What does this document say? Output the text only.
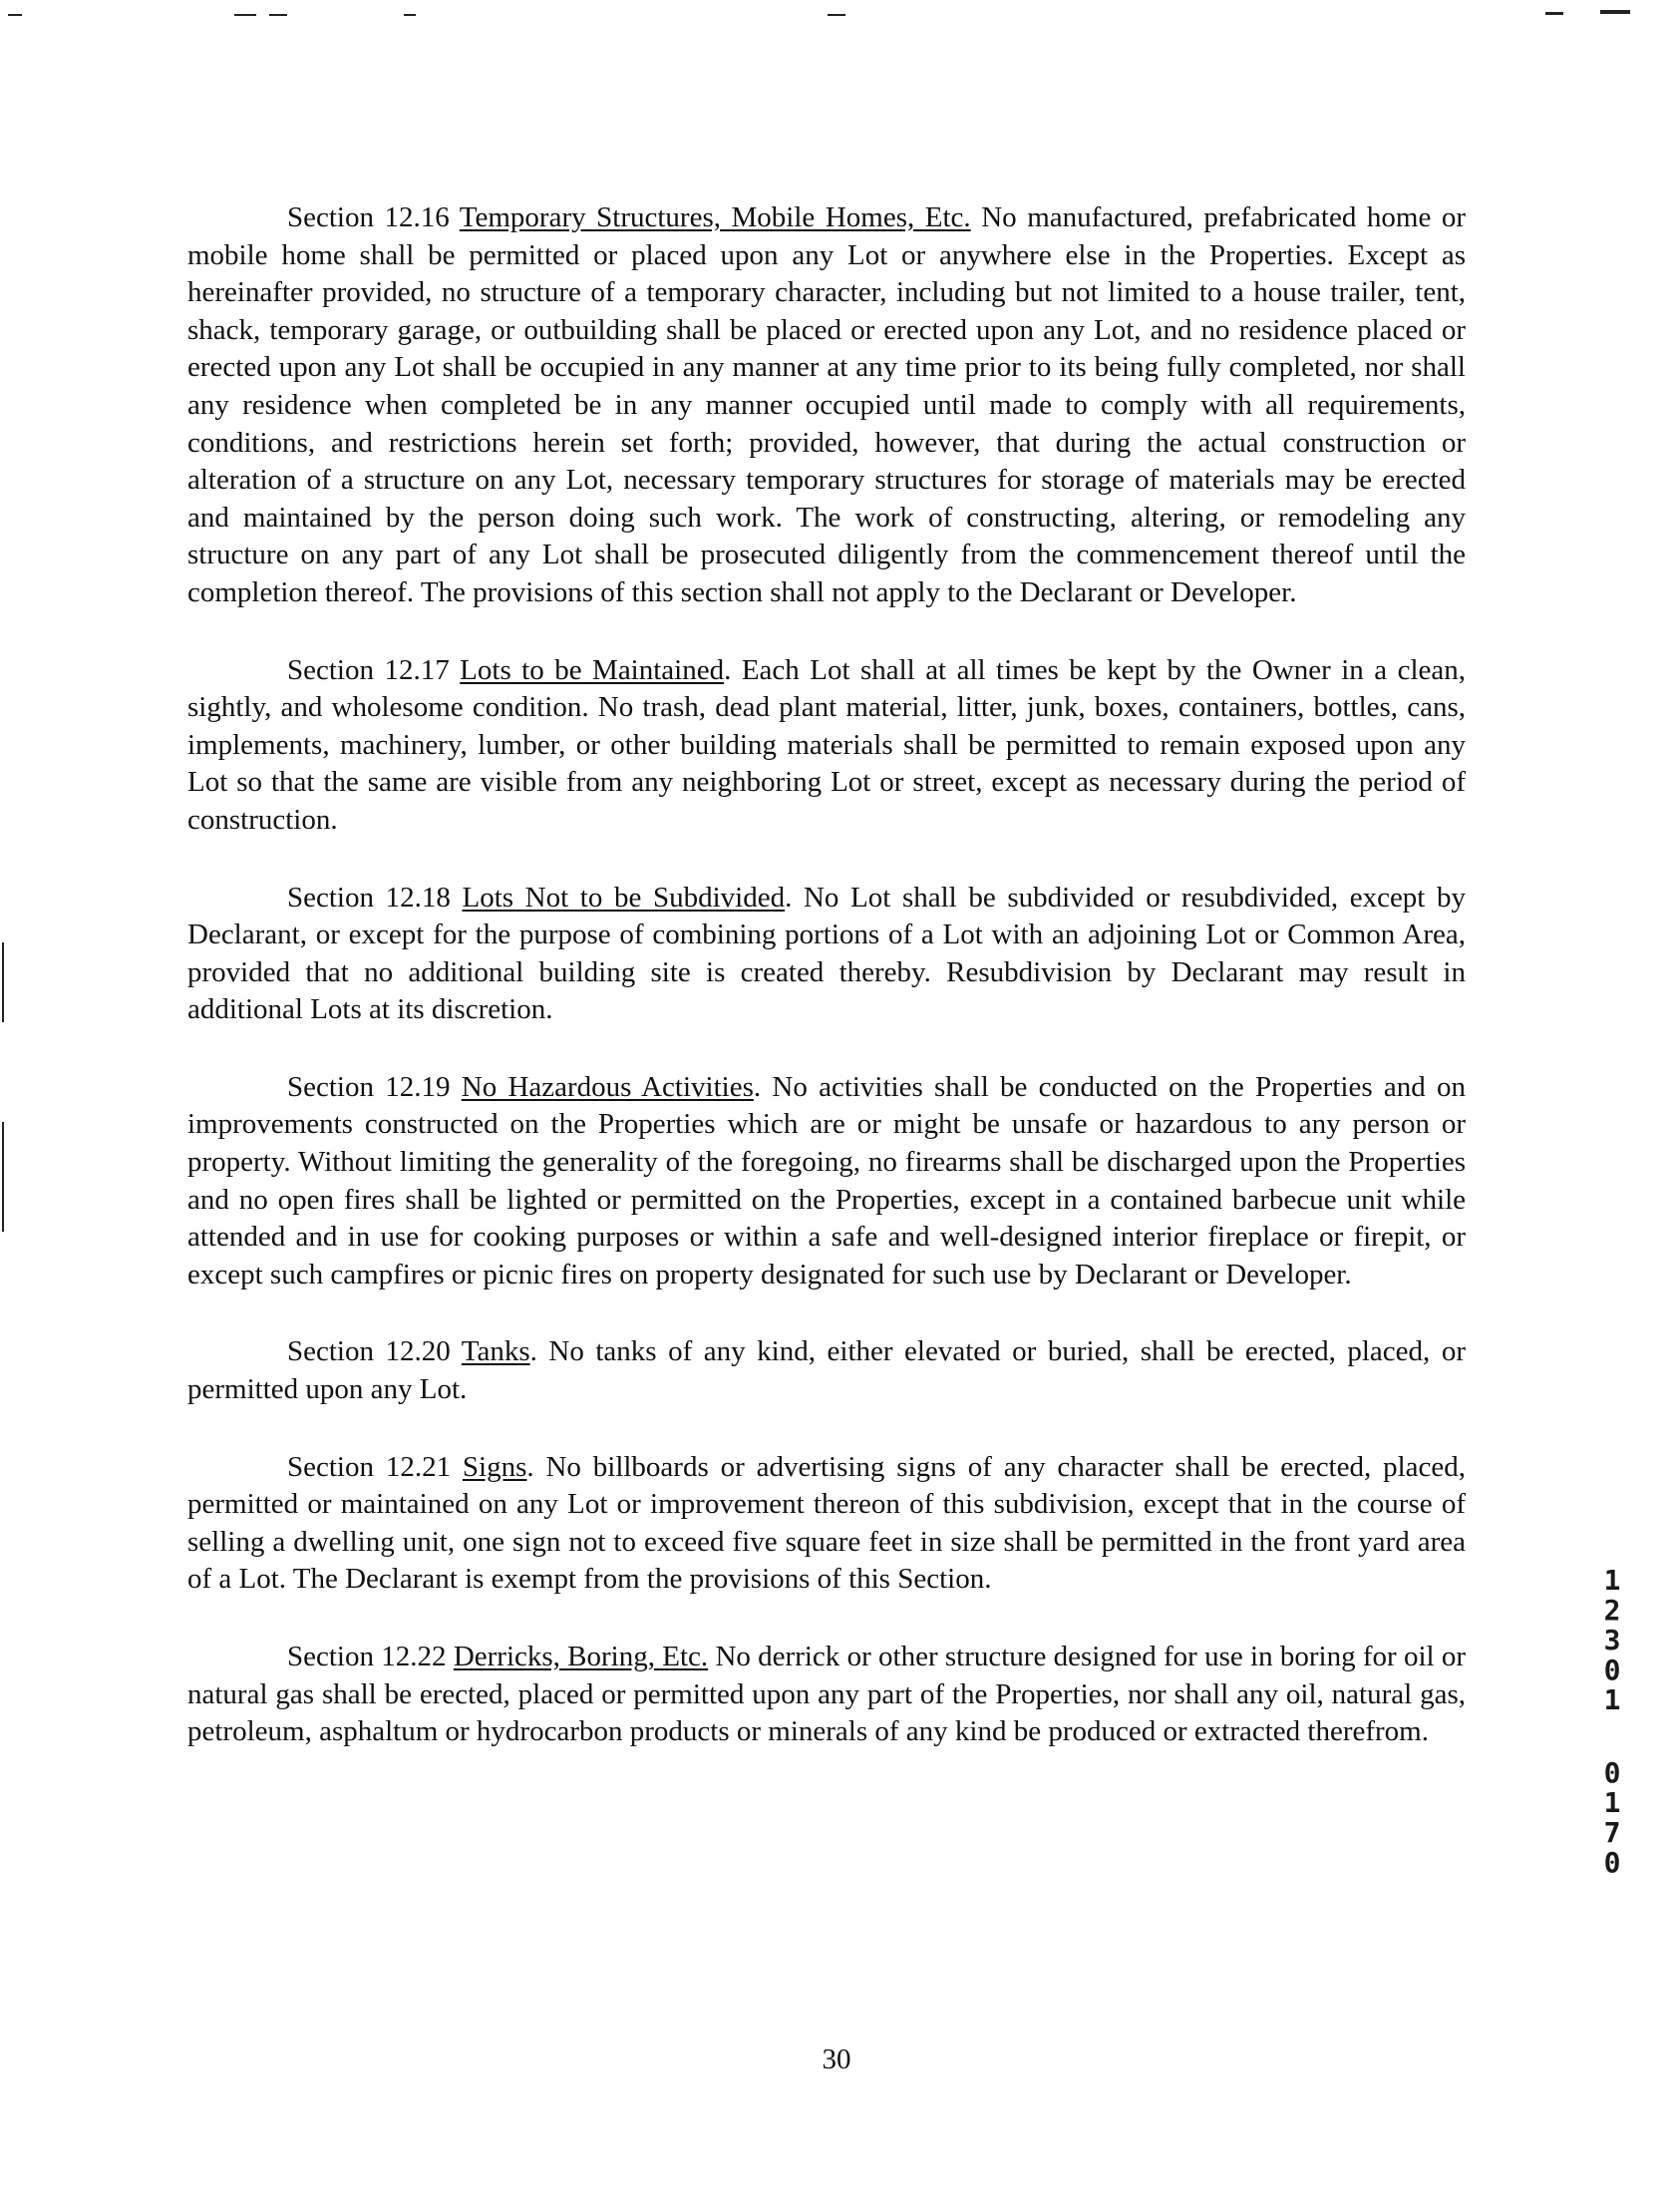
Section 12.16 Temporary Structures, Mobile Homes, Etc. No manufactured, prefabricated home or mobile home shall be permitted or placed upon any Lot or anywhere else in the Properties. Except as hereinafter provided, no structure of a temporary character, including but not limited to a house trailer, tent, shack, temporary garage, or outbuilding shall be placed or erected upon any Lot, and no residence placed or erected upon any Lot shall be occupied in any manner at any time prior to its being fully completed, nor shall any residence when completed be in any manner occupied until made to comply with all requirements, conditions, and restrictions herein set forth; provided, however, that during the actual construction or alteration of a structure on any Lot, necessary temporary structures for storage of materials may be erected and maintained by the person doing such work. The work of constructing, altering, or remodeling any structure on any part of any Lot shall be prosecuted diligently from the commencement thereof until the completion thereof. The provisions of this section shall not apply to the Declarant or Developer.

Section 12.17 Lots to be Maintained. Each Lot shall at all times be kept by the Owner in a clean, sightly, and wholesome condition. No trash, dead plant material, litter, junk, boxes, containers, bottles, cans, implements, machinery, lumber, or other building materials shall be permitted to remain exposed upon any Lot so that the same are visible from any neighboring Lot or street, except as necessary during the period of construction.

Section 12.18 Lots Not to be Subdivided. No Lot shall be subdivided or resubdivided, except by Declarant, or except for the purpose of combining portions of a Lot with an adjoining Lot or Common Area, provided that no additional building site is created thereby. Resubdivision by Declarant may result in additional Lots at its discretion.

Section 12.19 No Hazardous Activities. No activities shall be conducted on the Properties and on improvements constructed on the Properties which are or might be unsafe or hazardous to any person or property. Without limiting the generality of the foregoing, no firearms shall be discharged upon the Properties and no open fires shall be lighted or permitted on the Properties, except in a contained barbecue unit while attended and in use for cooking purposes or within a safe and well-designed interior fireplace or firepit, or except such campfires or picnic fires on property designated for such use by Declarant or Developer.

Section 12.20 Tanks. No tanks of any kind, either elevated or buried, shall be erected, placed, or permitted upon any Lot.

Section 12.21 Signs. No billboards or advertising signs of any character shall be erected, placed, permitted or maintained on any Lot or improvement thereon of this subdivision, except that in the course of selling a dwelling unit, one sign not to exceed five square feet in size shall be permitted in the front yard area of a Lot. The Declarant is exempt from the provisions of this Section.

Section 12.22 Derricks, Boring, Etc. No derrick or other structure designed for use in boring for oil or natural gas shall be erected, placed or permitted upon any part of the Properties, nor shall any oil, natural gas, petroleum, asphaltum or hydrocarbon products or minerals of any kind be produced or extracted therefrom.

1
2
3
0
1
0
1
7
0
30
